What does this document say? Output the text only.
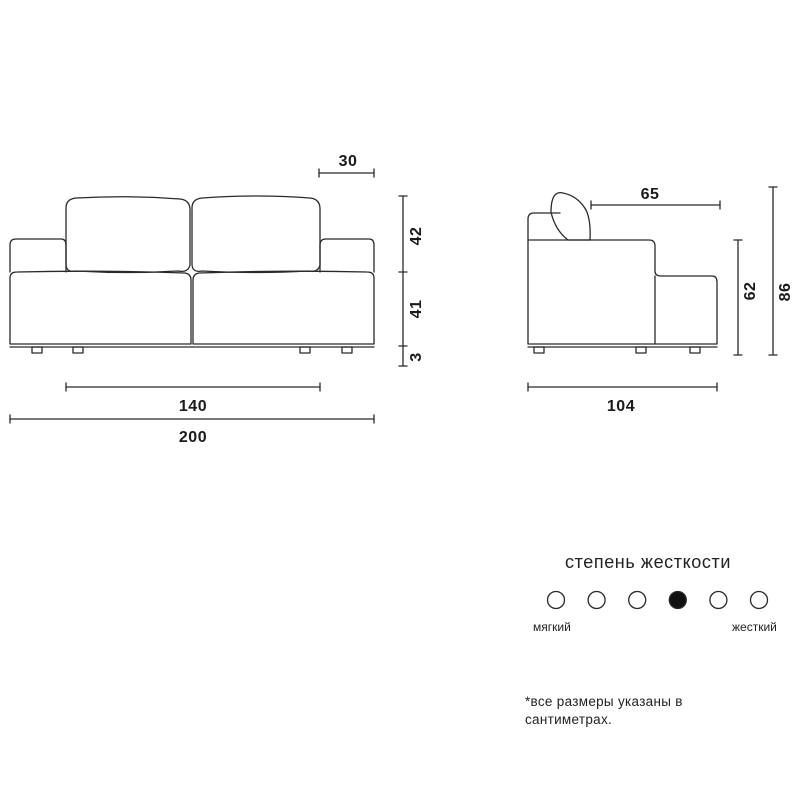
30
42
41
3
140
200
65
62 86
104
степень жесткости
мягкий	жесткий
*все размеры указаны в сантиметрах.
